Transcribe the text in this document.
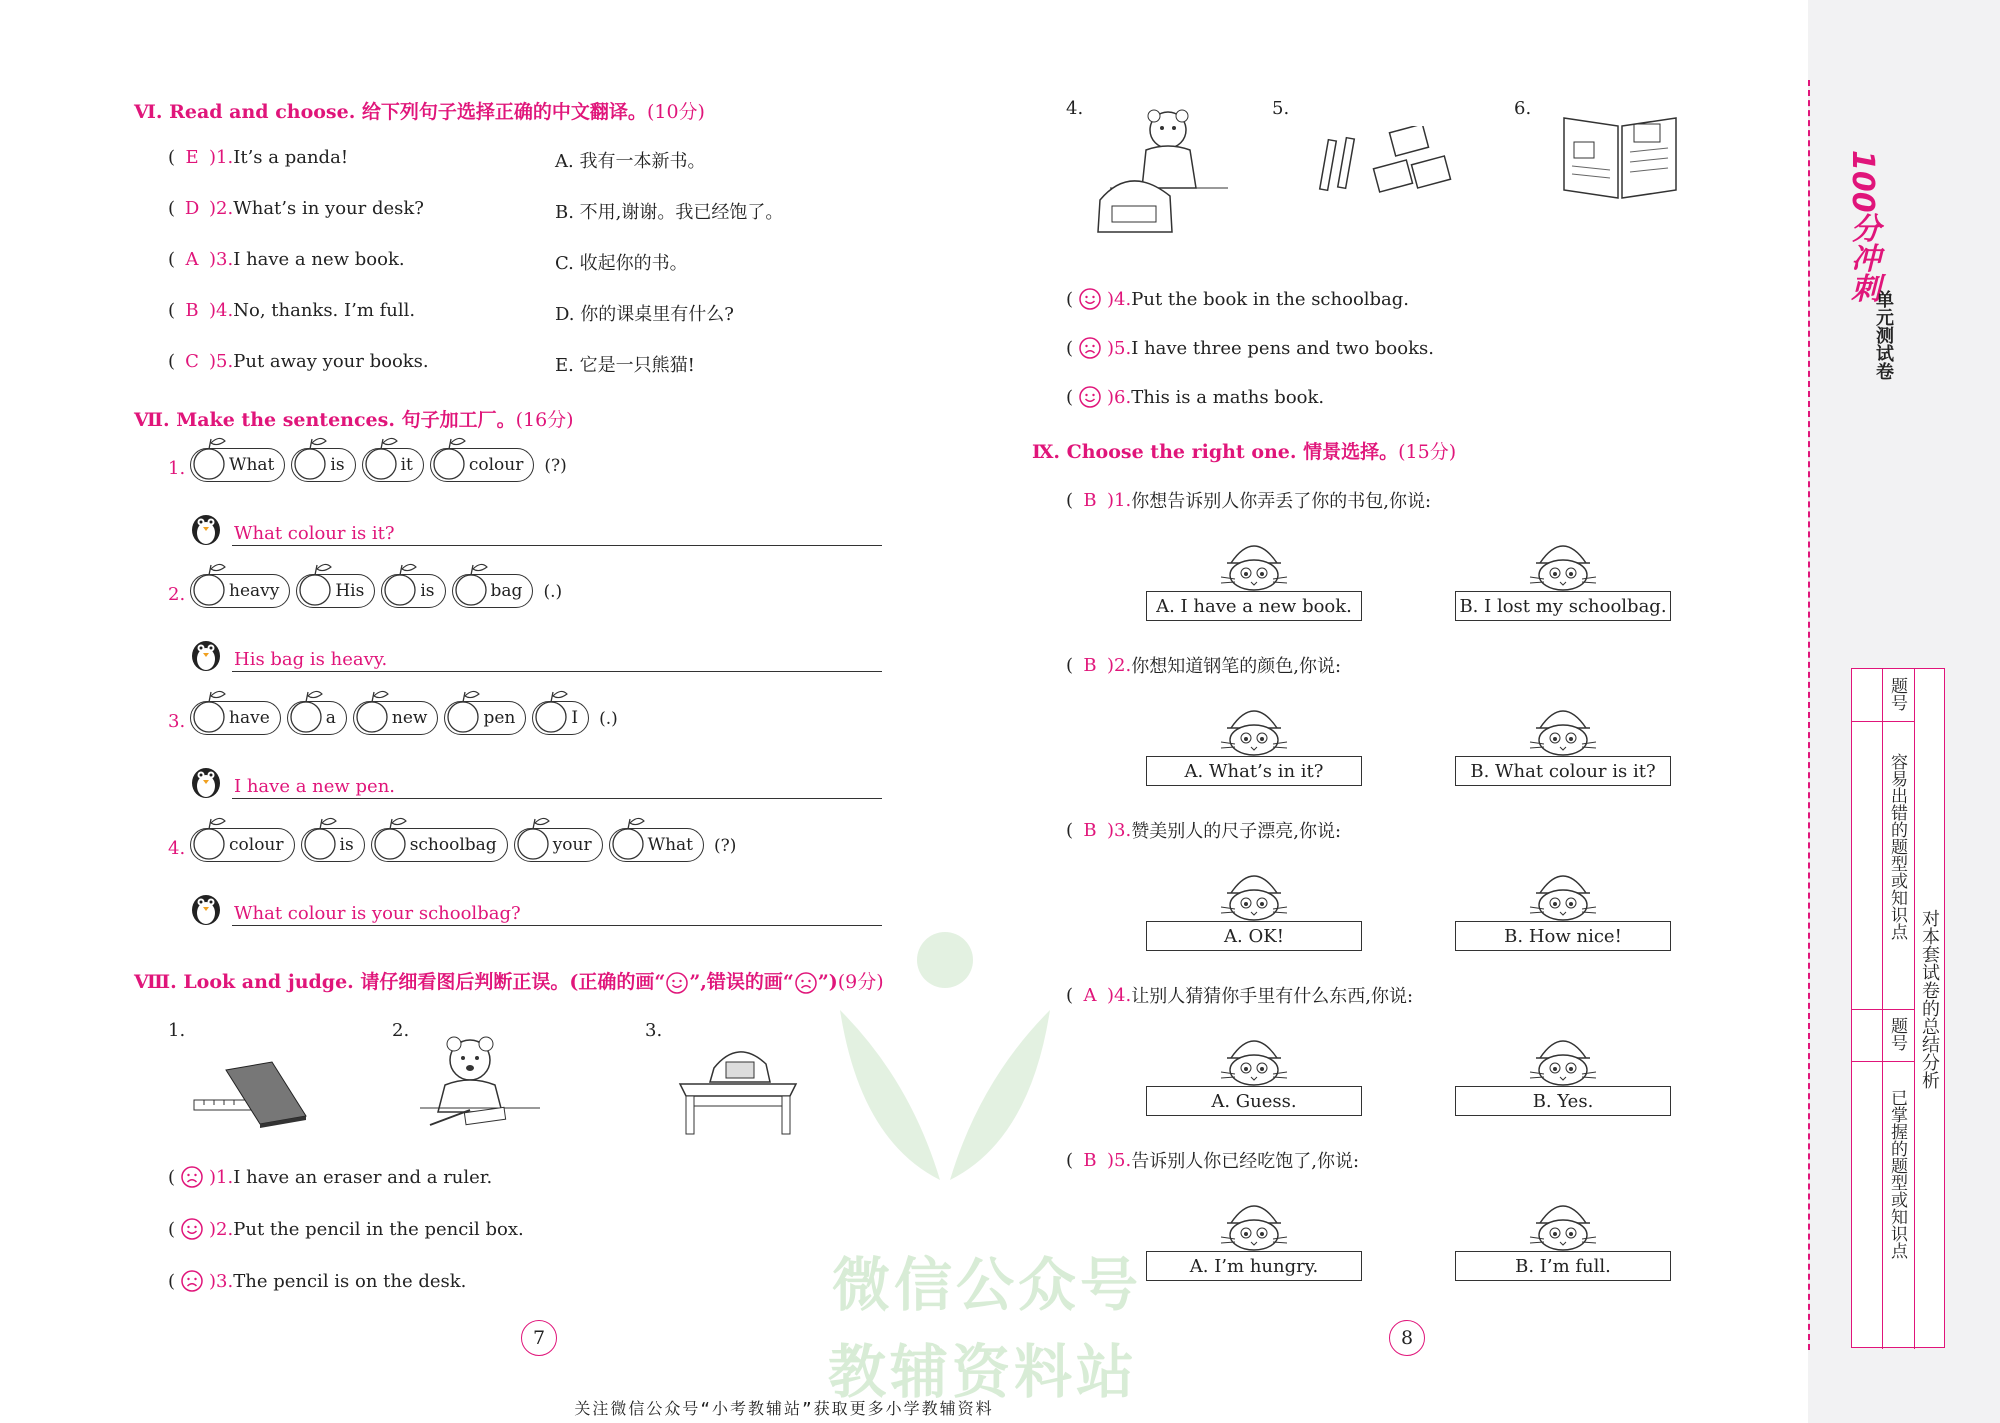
微信公众号
教辅资料站
Ⅵ. Read and choose. 给下列句子选择正确的中文翻译。(10分)
( E )1. It’s a panda!
( D )2. What’s in your desk?
( A )3. I have a new book.
( B )4. No, thanks. I’m full.
( C )5. Put away your books.
A. 我有一本新书。
B. 不用,谢谢。我已经饱了。
C. 收起你的书。
D. 你的课桌里有什么?
E. 它是一只熊猫!
Ⅶ. Make the sentences. 句子加工厂。(16分)
1.	What	is	it	colour (?)
What colour is it?
2.	heavy	His	is	bag (.)
His bag is heavy.
3.	have	a	new	pen	I (.)
I have a new pen.
4.	colour	is	schoolbag	your	What (?)
What colour is your schoolbag?
Ⅷ. Look and judge. 请仔细看图后判断正误。(正确的画“ ”,错误的画“ ”)(9分)
1.	2.	3.
( )1. I have an eraser and a ruler.
( )2. Put the pencil in the pencil box.
( )3. The pencil is on the desk.
7
4.	5.	6.
( )4. Put the book in the schoolbag.
( )5. I have three pens and two books.
( )6. This is a maths book.
Ⅸ. Choose the right one. 情景选择。(15分)
( B )1. 你想告诉别人你弄丢了你的书包,你说:
A. I have a new book.	B. I lost my schoolbag.
( B )2. 你想知道钢笔的颜色,你说:
A. What’s in it?	B. What colour is it?
( B )3. 赞美别人的尺子漂亮,你说:
A. OK!	B. How nice!
( A )4. 让别人猜猜你手里有什么东西,你说:
A. Guess.	B. Yes.
( B )5. 告诉别人你已经吃饱了,你说:
A. I’m hungry.	B. I’m full.
8
100分冲刺
单元测试卷
对本套试卷的总结分析
题号
容易出错的题型或知识点
题号
已掌握的题型或知识点
关注微信公众号“小考教辅站”获取更多小学教辅资料
